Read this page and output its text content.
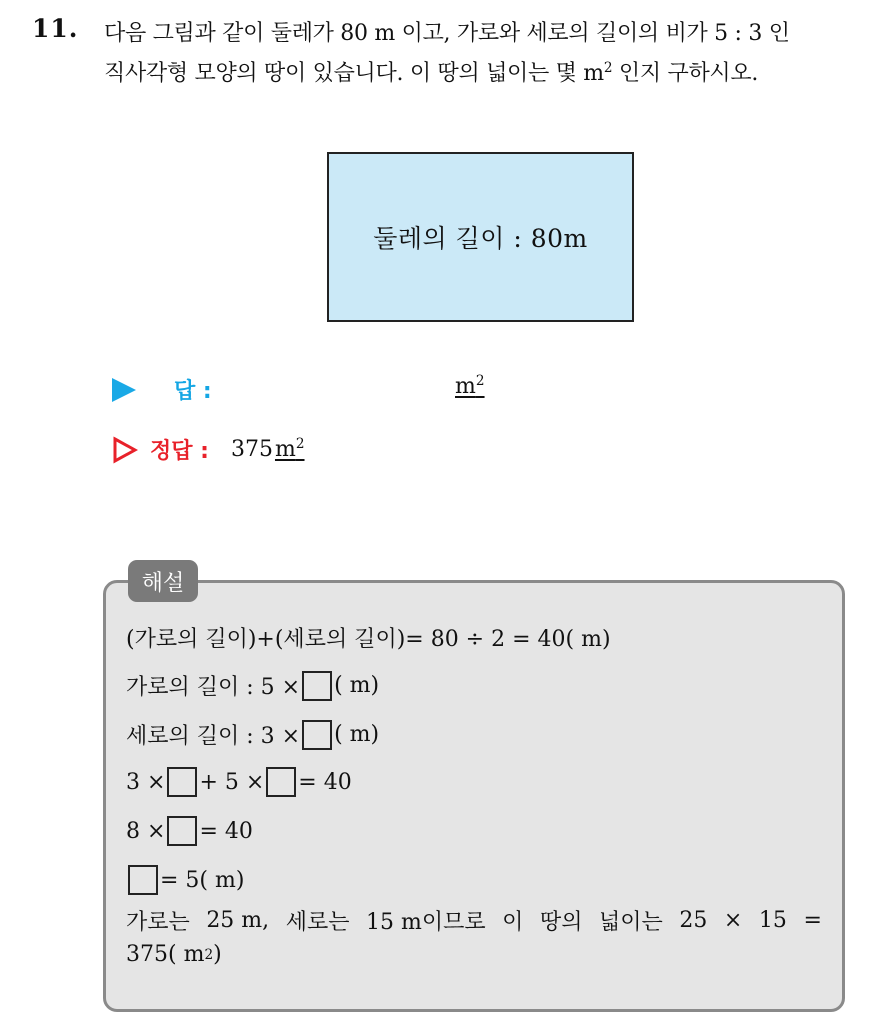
11. 다음 그림과 같이 둘레가 80 m 이고, 가로와 세로의 길이의 비가 5 : 3 인
직사각형 모양의 땅이 있습니다. 이 땅의 넓이는 몇 $m^2$ 인지 구하시오.
둘레의 길이 : 80m
답 :	$m^2$
정답 : 375 $m^2$
해설
(가로의 길이)+(세로의 길이)= 80 ÷ 2 = 40( m)
가로의 길이 : 5 × ( m)
세로의 길이 : 3 × ( m)
3 × + 5 × = 40
8 × = 40
= 5( m)
가로는 25 m, 세로는 15 m이므로 이 땅의 넓이는 25 × 15 =
375( m 2 )
